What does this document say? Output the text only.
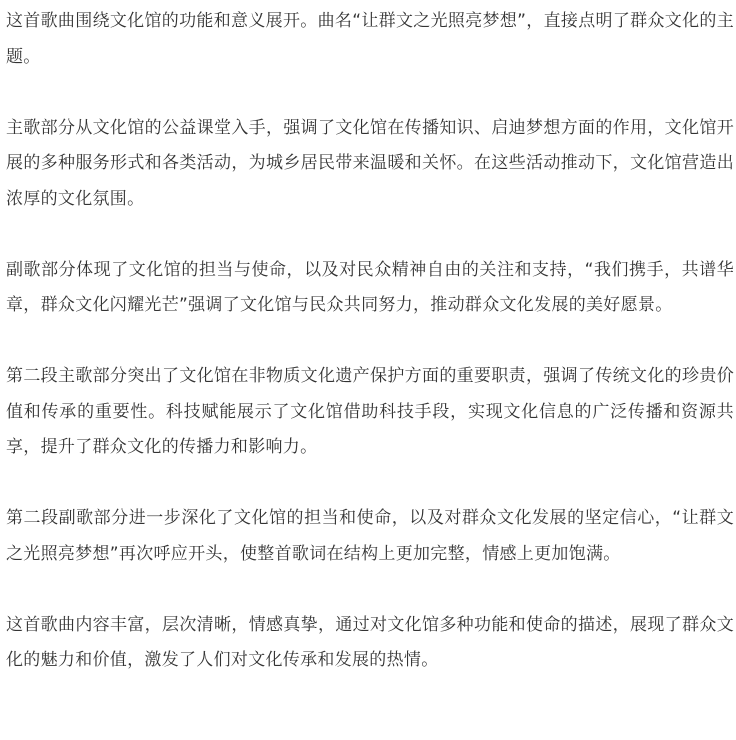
这首歌曲围绕文化馆的功能和意义展开。曲名“让群文之光照亮梦想”，直接点明了群众文化的主题。

主歌部分从文化馆的公益课堂入手，强调了文化馆在传播知识、启迪梦想方面的作用，文化馆开展的多种服务形式和各类活动，为城乡居民带来温暖和关怀。在这些活动推动下，文化馆营造出浓厚的文化氛围。

副歌部分体现了文化馆的担当与使命，以及对民众精神自由的关注和支持，“我们携手，共谱华章，群众文化闪耀光芒”强调了文化馆与民众共同努力，推动群众文化发展的美好愿景。

第二段主歌部分突出了文化馆在非物质文化遗产保护方面的重要职责，强调了传统文化的珍贵价值和传承的重要性。科技赋能展示了文化馆借助科技手段，实现文化信息的广泛传播和资源共享，提升了群众文化的传播力和影响力。

第二段副歌部分进一步深化了文化馆的担当和使命，以及对群众文化发展的坚定信心，“让群文之光照亮梦想”再次呼应开头，使整首歌词在结构上更加完整，情感上更加饱满。

这首歌曲内容丰富，层次清晰，情感真挚，通过对文化馆多种功能和使命的描述，展现了群众文化的魅力和价值，激发了人们对文化传承和发展的热情。
